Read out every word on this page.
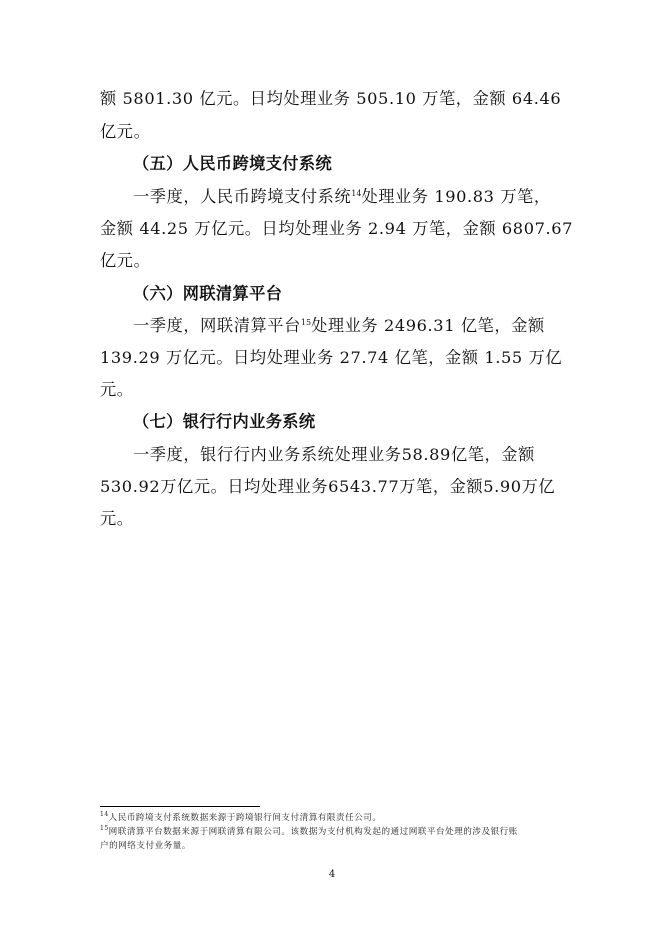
额 5801.30 亿元。日均处理业务 505.10 万笔，金额 64.46
亿元。
（五）人民币跨境支付系统
一季度，人民币跨境支付系统$^{14}$处理业务 190.83 万笔，
金额 44.25 万亿元。日均处理业务 2.94 万笔，金额 6807.67
亿元。
（六）网联清算平台
一季度，网联清算平台$^{15}$处理业务 2496.31 亿笔，金额
139.29 万亿元。日均处理业务 27.74 亿笔，金额 1.55 万亿
元。
（七）银行行内业务系统
一季度，银行行内业务系统处理业务58.89亿笔，金额
530.92万亿元。日均处理业务6543.77万笔，金额5.90万亿
元。
$^{14}$人民币跨境支付系统数据来源于跨境银行间支付清算有限责任公司。
$^{15}$网联清算平台数据来源于网联清算有限公司。该数据为支付机构发起的通过网联平台处理的涉及银行账
户的网络支付业务量。
4
